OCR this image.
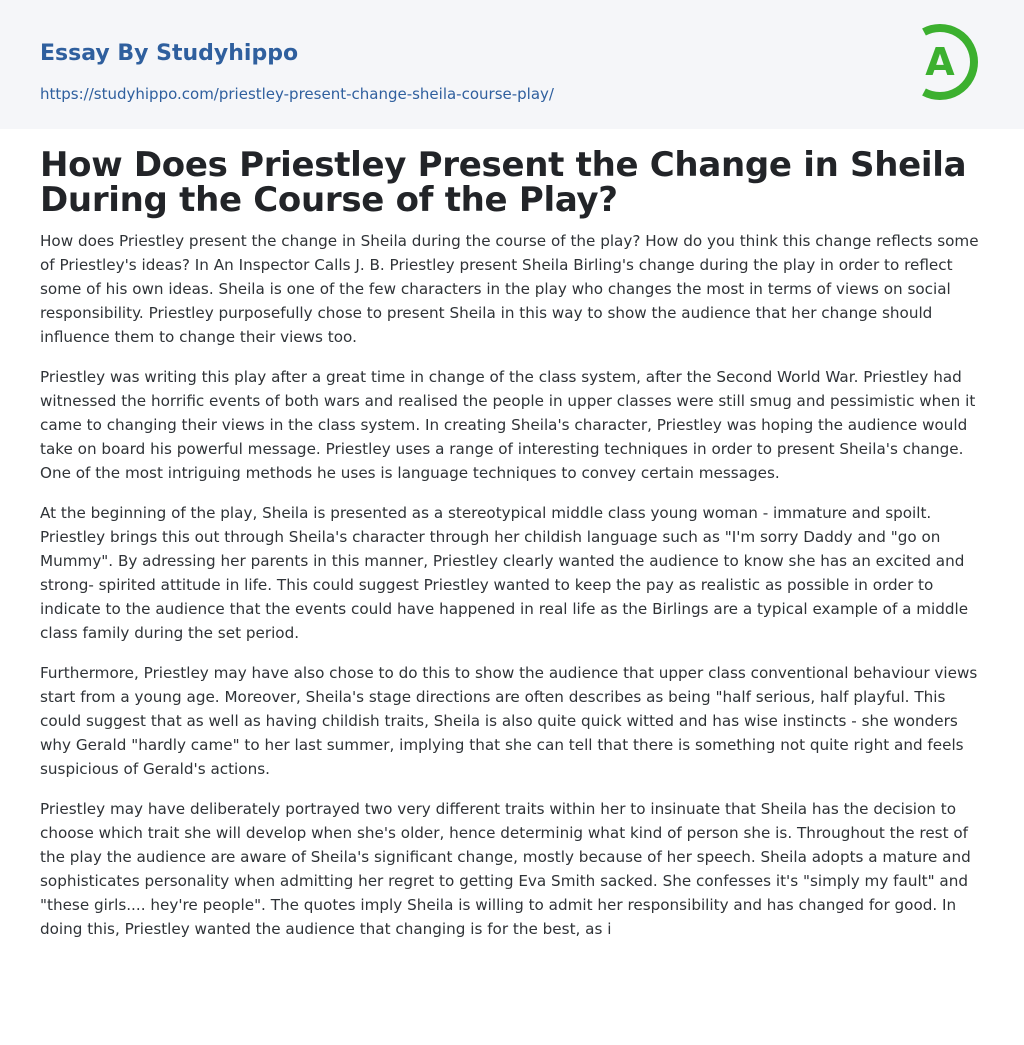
Essay By Studyhippo
https://studyhippo.com/priestley-present-change-sheila-course-play/
A
How Does Priestley Present the Change in Sheila During the Course of the Play?

How does Priestley present the change in Sheila during the course of the play? How do you think this change reflects some of Priestley's ideas? In An Inspector Calls J. B. Priestley present Sheila Birling's change during the play in order to reflect some of his own ideas. Sheila is one of the few characters in the play who changes the most in terms of views on social responsibility. Priestley purposefully chose to present Sheila in this way to show the audience that her change should influence them to change their views too.

Priestley was writing this play after a great time in change of the class system, after the Second World War. Priestley had witnessed the horrific events of both wars and realised the people in upper classes were still smug and pessimistic when it came to changing their views in the class system. In creating Sheila's character, Priestley was hoping the audience would take on board his powerful message. Priestley uses a range of interesting techniques in order to present Sheila's change. One of the most intriguing methods he uses is language techniques to convey certain messages.

At the beginning of the play, Sheila is presented as a stereotypical middle class young woman - immature and spoilt. Priestley brings this out through Sheila's character through her childish language such as "I'm sorry Daddy and "go on Mummy". By adressing her parents in this manner, Priestley clearly wanted the audience to know she has an excited and strong- spirited attitude in life. This could suggest Priestley wanted to keep the pay as realistic as possible in order to indicate to the audience that the events could have happened in real life as the Birlings are a typical example of a middle class family during the set period.

Furthermore, Priestley may have also chose to do this to show the audience that upper class conventional behaviour views start from a young age. Moreover, Sheila's stage directions are often describes as being "half serious, half playful. This could suggest that as well as having childish traits, Sheila is also quite quick witted and has wise instincts - she wonders why Gerald "hardly came" to her last summer, implying that she can tell that there is something not quite right and feels suspicious of Gerald's actions.

Priestley may have deliberately portrayed two very different traits within her to insinuate that Sheila has the decision to choose which trait she will develop when she's older, hence determinig what kind of person she is. Throughout the rest of the play the audience are aware of Sheila's significant change, mostly because of her speech. Sheila adopts a mature and sophisticates personality when admitting her regret to getting Eva Smith sacked. She confesses it's "simply my fault" and "these girls.... hey're people". The quotes imply Sheila is willing to admit her responsibility and has changed for good. In doing this, Priestley wanted the audience that changing is for the best, as i
